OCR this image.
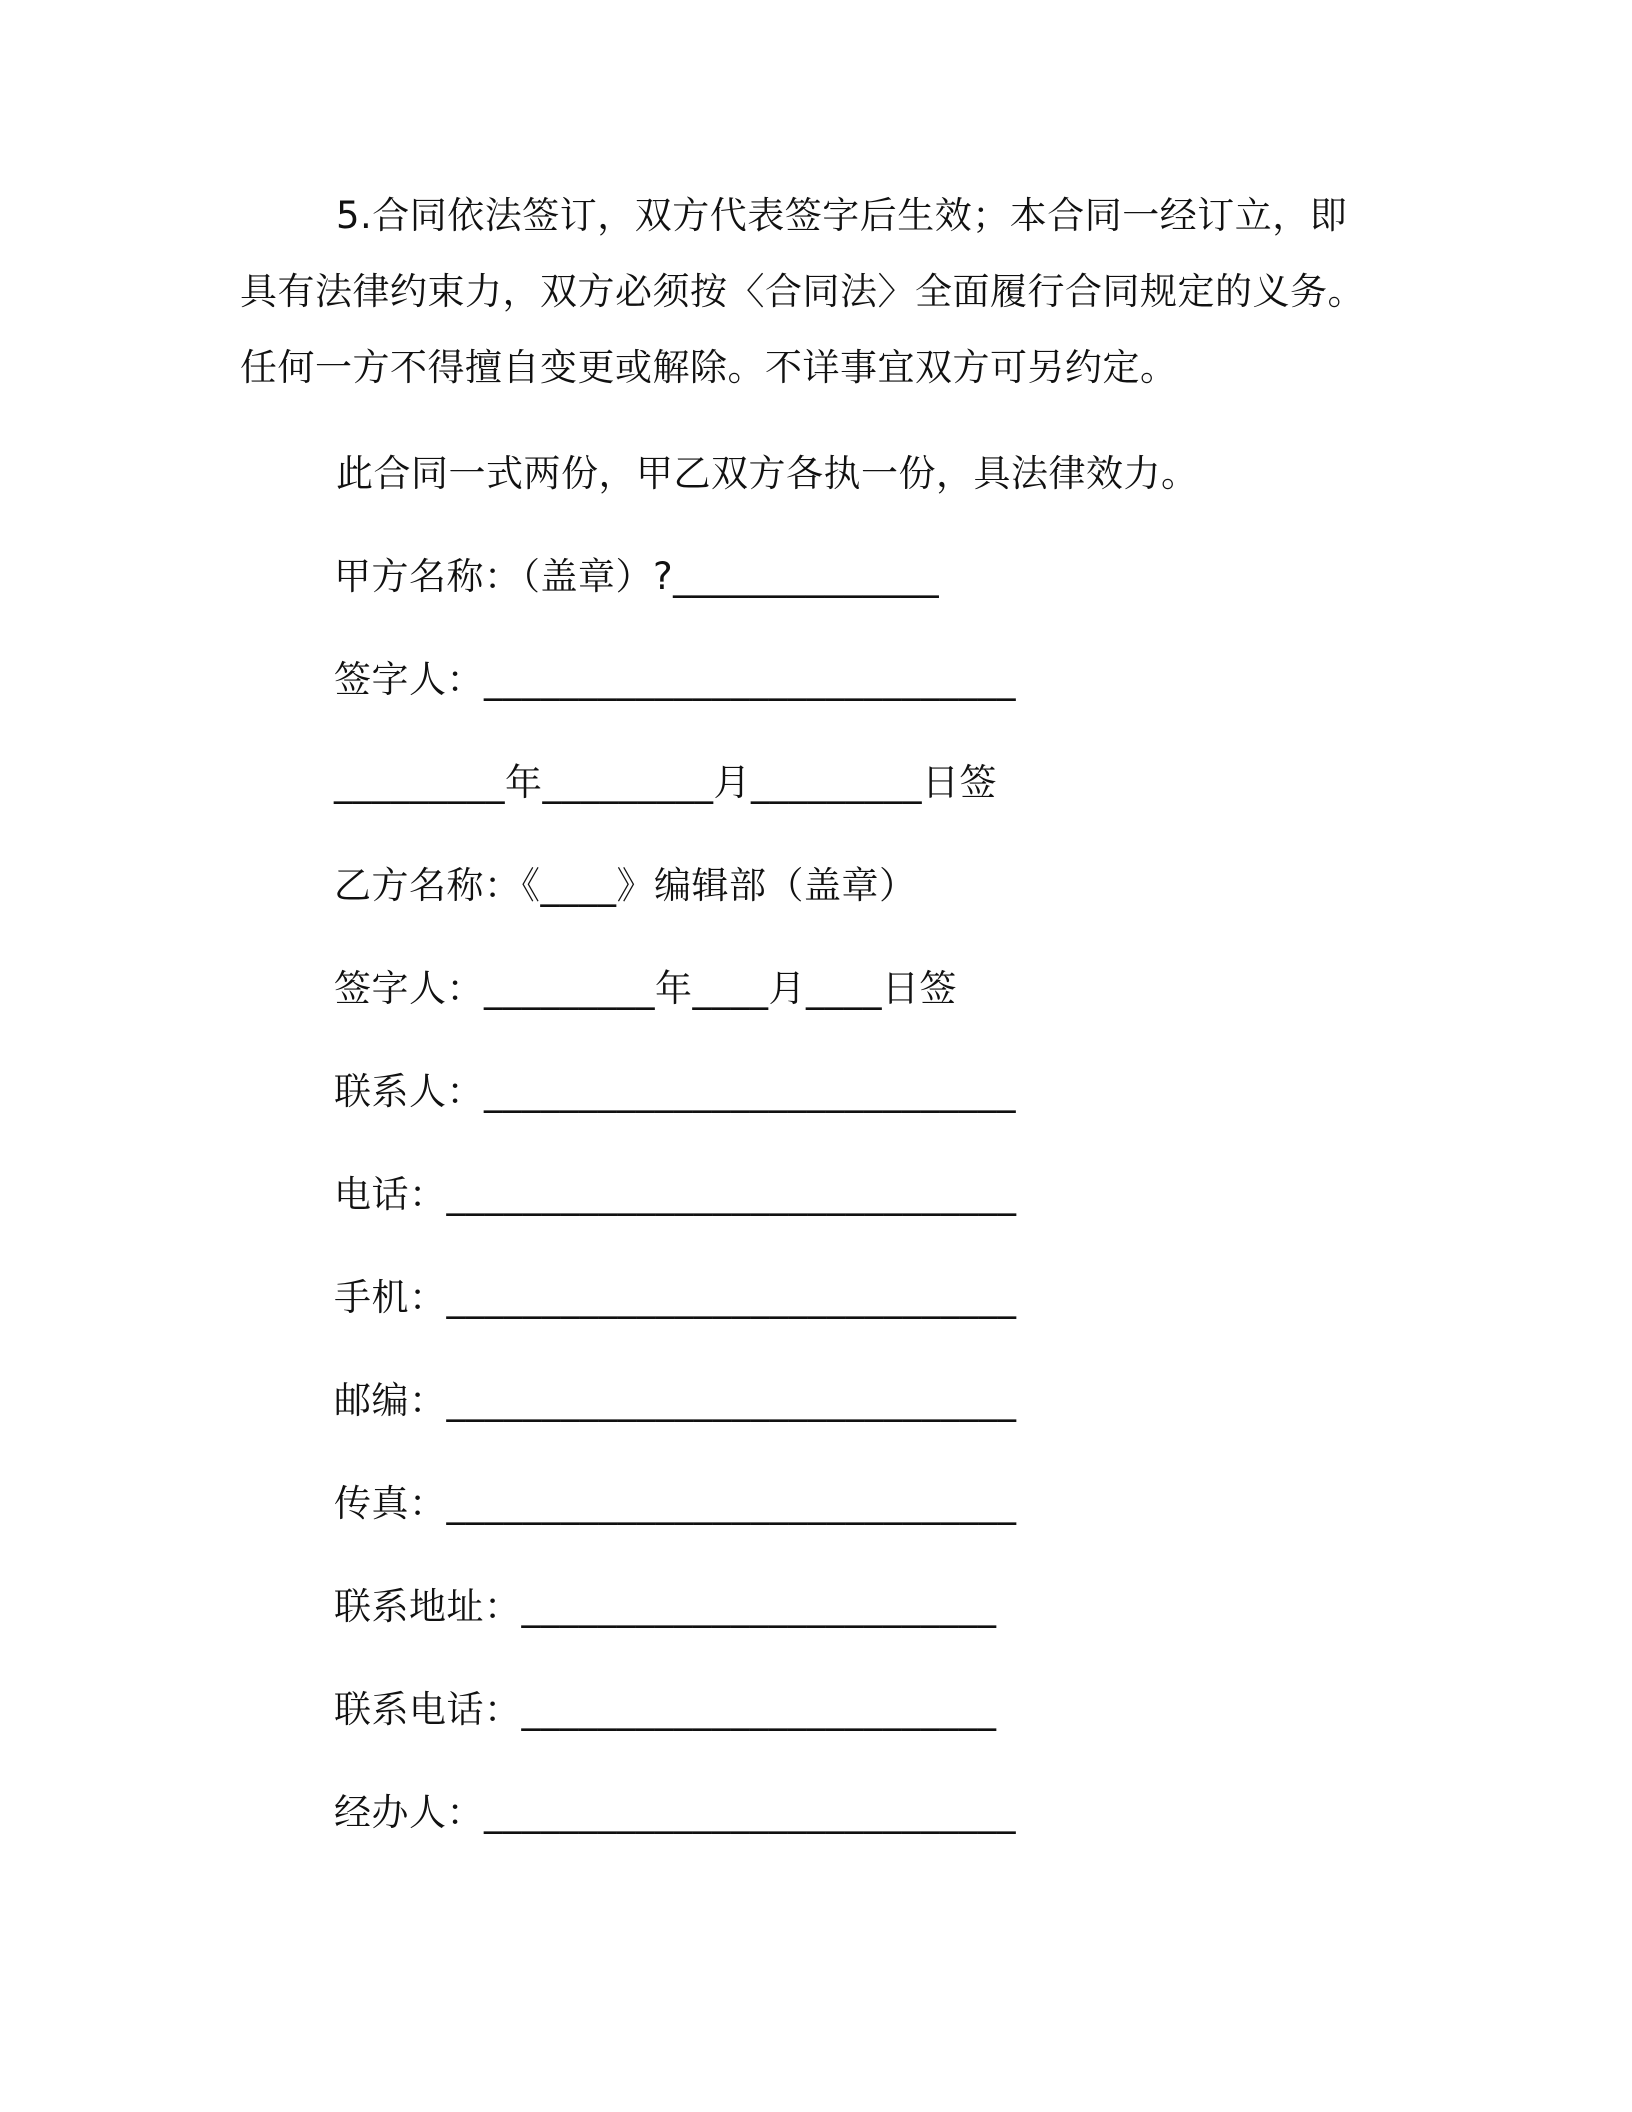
5.合同依法签订，双方代表签字后生效；本合同一经订立，即具有法律约束力，双方必须按〈合同法〉全面履行合同规定的义务。任何一方不得擅自变更或解除。不详事宜双方可另约定。

此合同一式两份，甲乙双方各执一份，具法律效力。

甲方名称：（盖章）?______________

签字人：____________________________

_________年_________月_________日签

乙方名称：《____》编辑部（盖章）

签字人：_________年____月____日签

联系人：____________________________

电话：______________________________

手机：______________________________

邮编：______________________________

传真：______________________________

联系地址：_________________________

联系电话：_________________________

经办人：____________________________
